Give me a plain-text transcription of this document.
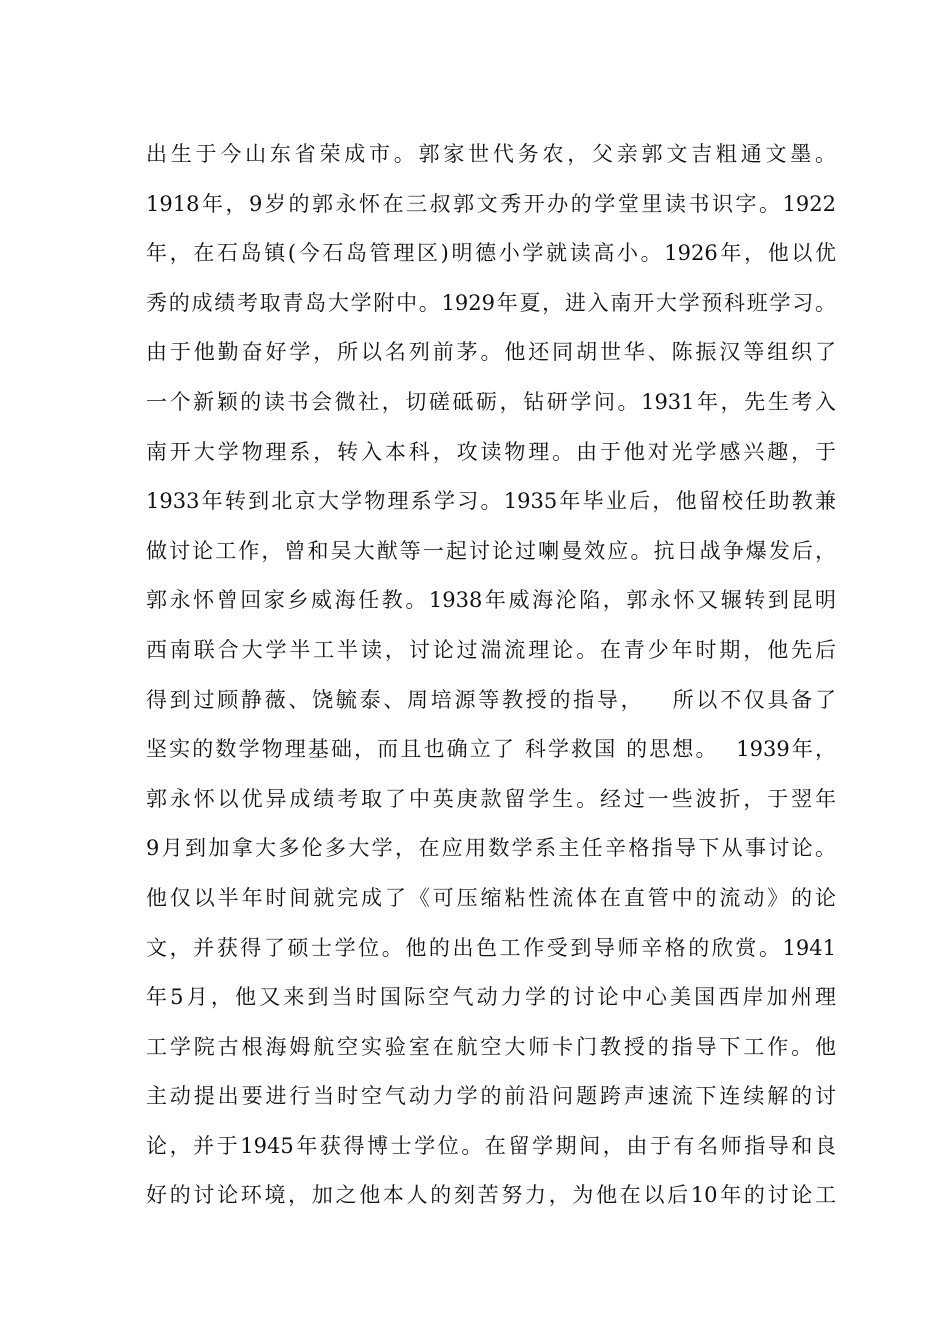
出生于今山东省荣成市。郭家世代务农，父亲郭文吉粗通文墨。
1918年，9岁的郭永怀在三叔郭文秀开办的学堂里读书识字。1922
年，在石岛镇(今石岛管理区)明德小学就读高小。1926年，他以优
秀的成绩考取青岛大学附中。1929年夏，进入南开大学预科班学习。
由于他勤奋好学，所以名列前茅。他还同胡世华、陈振汉等组织了
一个新颖的读书会微社，切磋砥砺，钻研学问。1931年，先生考入
南开大学物理系，转入本科，攻读物理。由于他对光学感兴趣，于
1933年转到北京大学物理系学习。1935年毕业后，他留校任助教兼
做讨论工作，曾和吴大猷等一起讨论过喇曼效应。抗日战争爆发后，
郭永怀曾回家乡威海任教。1938年威海沦陷，郭永怀又辗转到昆明
西南联合大学半工半读，讨论过湍流理论。在青少年时期，他先后
得到过顾静薇、饶毓泰、周培源等教授的指导，   所以不仅具备了
坚实的数学物理基础，而且也确立了 科学救国 的思想。  1939年，
郭永怀以优异成绩考取了中英庚款留学生。经过一些波折，于翌年
9月到加拿大多伦多大学，在应用数学系主任辛格指导下从事讨论。
他仅以半年时间就完成了《可压缩粘性流体在直管中的流动》的论
文，并获得了硕士学位。他的出色工作受到导师辛格的欣赏。1941
年5月，他又来到当时国际空气动力学的讨论中心美国西岸加州理
工学院古根海姆航空实验室在航空大师卡门教授的指导下工作。他
主动提出要进行当时空气动力学的前沿问题跨声速流下连续解的讨
论，并于1945年获得博士学位。在留学期间，由于有名师指导和良
好的讨论环境，加之他本人的刻苦努力，为他在以后10年的讨论工
